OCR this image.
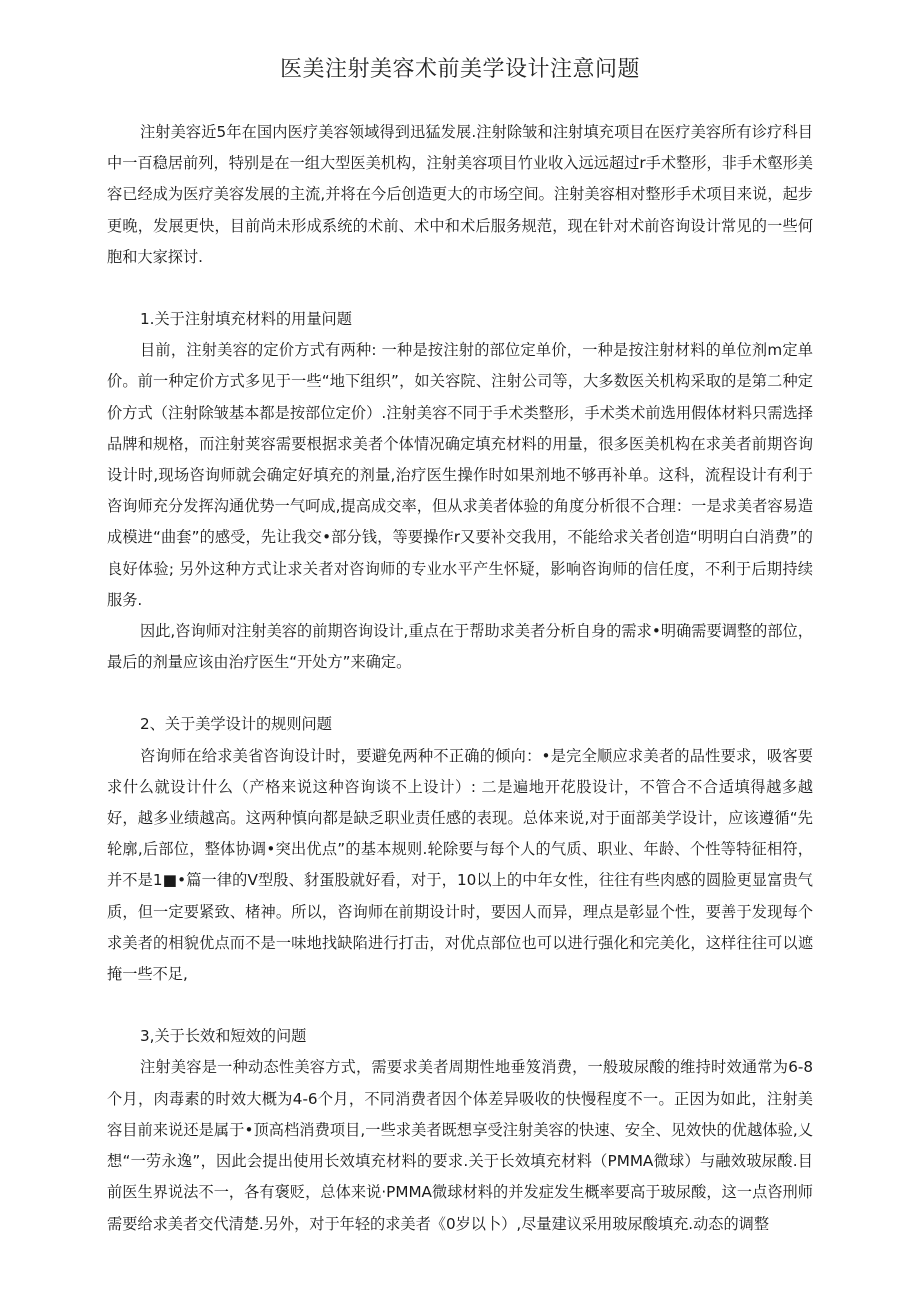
医美注射美容术前美学设计注意问题

注射美容近5年在国内医疗美容领域得到迅猛发展.注射除皱和注射填充项目在医疗美容所有诊疗科目中一百稳居前列，特别是在一组大型医美机构，注射美容项目竹业收入远远超过r手术整形，非手术壑形美容已经成为医疗美容发展的主流,并将在今后创造更大的市场空间。注射美容相对整形手术项目来说，起步更晚，发展更快，目前尚未形成系统的术前、术中和术后服务规范，现在针对术前咨询设计常见的一些何胞和大家探讨.

1.关于注射填充材料的用量问题

目前，注射美容的定价方式有两种: 一种是按注射的部位定单价，一种是按注射材料的单位剂m定单价。前一种定价方式多见于一些“地下组织”，如关容院、注射公司等，大多数医关机构采取的是第二种定价方式（注射除皱基本都是按部位定价）.注射美容不同于手术类整形，手术类术前选用假体材料只需选择品牌和规格，而注射荚容需要根据求美者个体情况确定填充材料的用量，很多医美机构在求美者前期咨询设计时,现场咨询师就会确定好填充的剂量,治疗医生操作时如果剂地不够再补单。这科，流程设计有利于咨询师充分发挥沟通优势一气呵成,提高成交率，但从求美者体验的角度分析很不合理：一是求美者容易造成模进“曲套”的感受，先让我交•部分钱，等要操作r又要补交我用，不能给求关者创造“明明白白消费”的良好体验; 另外这种方式让求关者对咨询师的专业水平产生怀疑，影响咨询师的信任度，不利于后期持续服务.

因此,咨询师对注射美容的前期咨询设计,重点在于帮助求美者分析自身的需求•明确需要调整的部位，最后的剂量应该由治疗医生“开处方”来确定。

2、关于美学设计的规则问题

咨询师在给求美省咨询设计时，要避免两种不正确的倾向：•是完全顺应求美者的品性要求，吸客要求什么就设计什么（产格来说这种咨询谈不上设计）: 二是遍地开花股设计，不管合不合适填得越多越好，越多业绩越高。这两种慎向都是缺乏职业责任感的表现。总体来说,对于面部美学设计，应该遵循“先轮廓,后部位，整体协调•突出优点”的基本规则.轮除要与每个人的气质、职业、年龄、个性等特征相符，并不是1■•篇一律的V型殷、豺蛋股就好看，对于，10以上的中年女性，往往有些肉感的圆脸更显富贵气质，但一定要紧致、楮神。所以，咨询师在前期设计时，要因人而异，理点是彰显个性，要善于发现每个求美者的相貌优点而不是一味地找缺陷进行打击，对优点部位也可以进行强化和完美化，这样往往可以遮掩一些不足,

3,关于长效和短效的问题

注射美容是一种动态性美容方式，需要求美者周期性地垂笈消费，一般玻尿酸的维持时效通常为6-8个月，肉毒素的时效大概为4-6个月，不同消费者因个体差异吸收的快慢程度不一。正因为如此，注射美容目前来说还是属于•顶高档消费项目,一些求美者既想享受注射美容的快速、安全、见效快的优越体验,乂想“一劳永逸”，因此会提出使用长效填充材料的要求.关于长效填充材料（PMMA微球）与融效玻尿酸.目前医生界说法不一，各有褒贬，总体来说·PMMA微球材料的并发症发生概率要高于玻尿酸，这一点咨刑师需要给求美者交代清楚.另外，对于年轻的求美者《0岁以卜）,尽量建议采用玻尿酸填充.动态的调整
